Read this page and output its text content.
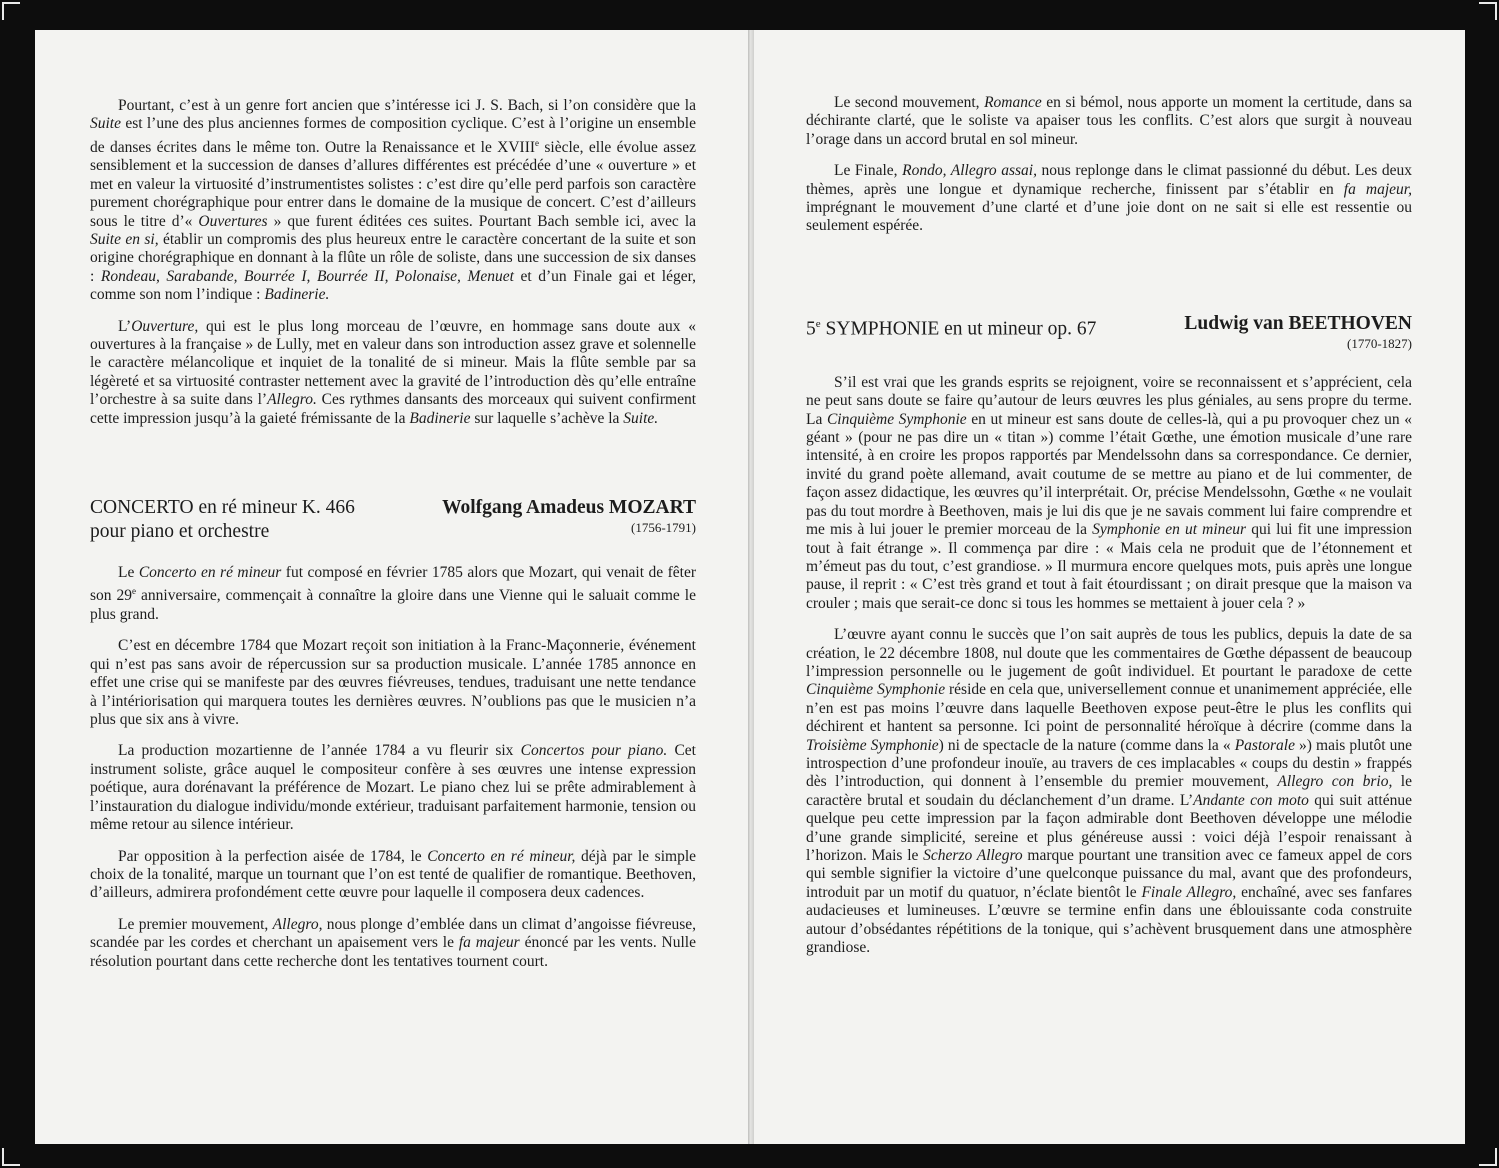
Pourtant, c’est à un genre fort ancien que s’intéresse ici J. S. Bach, si l’on considère que la Suite est l’une des plus anciennes formes de composition cyclique. C’est à l’origine un ensemble de danses écrites dans le même ton. Outre la Renaissance et le XVIIIe siècle, elle évolue assez sensiblement et la succession de danses d’allures différentes est précédée d’une « ouverture » et met en valeur la virtuosité d’instrumentistes solistes : c’est dire qu’elle perd parfois son caractère purement chorégraphique pour entrer dans le domaine de la musique de concert. C’est d’ailleurs sous le titre d’« Ouvertures » que furent éditées ces suites. Pourtant Bach semble ici, avec la Suite en si, établir un compromis des plus heureux entre le caractère concertant de la suite et son origine chorégraphique en donnant à la flûte un rôle de soliste, dans une succession de six danses : Rondeau, Sarabande, Bourrée I, Bourrée II, Polonaise, Menuet et d’un Finale gai et léger, comme son nom l’indique : Badinerie.

L’Ouverture, qui est le plus long morceau de l’œuvre, en hommage sans doute aux « ouvertures à la française » de Lully, met en valeur dans son introduction assez grave et solennelle le caractère mélancolique et inquiet de la tonalité de si mineur. Mais la flûte semble par sa légèreté et sa virtuosité contraster nettement avec la gravité de l’introduction dès qu’elle entraîne l’orchestre à sa suite dans l’Allegro. Ces rythmes dansants des morceaux qui suivent confirment cette impression jusqu’à la gaieté frémissante de la Badinerie sur laquelle s’achève la Suite.

CONCERTO en ré mineur K. 466
pour piano et orchestre
Wolfgang Amadeus MOZART
(1756-1791)

Le Concerto en ré mineur fut composé en février 1785 alors que Mozart, qui venait de fêter son 29e anniversaire, commençait à connaître la gloire dans une Vienne qui le saluait comme le plus grand.

C’est en décembre 1784 que Mozart reçoit son initiation à la Franc-Maçonnerie, événement qui n’est pas sans avoir de répercussion sur sa production musicale. L’année 1785 annonce en effet une crise qui se manifeste par des œuvres fiévreuses, tendues, traduisant une nette tendance à l’intériorisation qui marquera toutes les dernières œuvres. N’oublions pas que le musicien n’a plus que six ans à vivre.

La production mozartienne de l’année 1784 a vu fleurir six Concertos pour piano. Cet instrument soliste, grâce auquel le compositeur confère à ses œuvres une intense expression poétique, aura dorénavant la préférence de Mozart. Le piano chez lui se prête admirablement à l’instauration du dialogue individu/monde extérieur, traduisant parfaitement harmonie, tension ou même retour au silence intérieur.

Par opposition à la perfection aisée de 1784, le Concerto en ré mineur, déjà par le simple choix de la tonalité, marque un tournant que l’on est tenté de qualifier de romantique. Beethoven, d’ailleurs, admirera profondément cette œuvre pour laquelle il composera deux cadences.

Le premier mouvement, Allegro, nous plonge d’emblée dans un climat d’angoisse fiévreuse, scandée par les cordes et cherchant un apaisement vers le fa majeur énoncé par les vents. Nulle résolution pourtant dans cette recherche dont les tentatives tournent court.

Le second mouvement, Romance en si bémol, nous apporte un moment la certitude, dans sa déchirante clarté, que le soliste va apaiser tous les conflits. C’est alors que surgit à nouveau l’orage dans un accord brutal en sol mineur.

Le Finale, Rondo, Allegro assai, nous replonge dans le climat passionné du début. Les deux thèmes, après une longue et dynamique recherche, finissent par s’établir en fa majeur, imprégnant le mouvement d’une clarté et d’une joie dont on ne sait si elle est ressentie ou seulement espérée.

5e SYMPHONIE en ut mineur op. 67	Ludwig van BEETHOVEN
(1770-1827)

S’il est vrai que les grands esprits se rejoignent, voire se reconnaissent et s’apprécient, cela ne peut sans doute se faire qu’autour de leurs œuvres les plus géniales, au sens propre du terme. La Cinquième Symphonie en ut mineur est sans doute de celles-là, qui a pu provoquer chez un « géant » (pour ne pas dire un « titan ») comme l’était Gœthe, une émotion musicale d’une rare intensité, à en croire les propos rapportés par Mendelssohn dans sa correspondance. Ce dernier, invité du grand poète allemand, avait coutume de se mettre au piano et de lui commenter, de façon assez didactique, les œuvres qu’il interprétait. Or, précise Mendelssohn, Gœthe « ne voulait pas du tout mordre à Beethoven, mais je lui dis que je ne savais comment lui faire comprendre et me mis à lui jouer le premier morceau de la Symphonie en ut mineur qui lui fit une impression tout à fait étrange ». Il commença par dire : « Mais cela ne produit que de l’étonnement et m’émeut pas du tout, c’est grandiose. » Il murmura encore quelques mots, puis après une longue pause, il reprit : « C’est très grand et tout à fait étourdissant ; on dirait presque que la maison va crouler ; mais que serait-ce donc si tous les hommes se mettaient à jouer cela ? »

L’œuvre ayant connu le succès que l’on sait auprès de tous les publics, depuis la date de sa création, le 22 décembre 1808, nul doute que les commentaires de Gœthe dépassent de beaucoup l’impression personnelle ou le jugement de goût individuel. Et pourtant le paradoxe de cette Cinquième Symphonie réside en cela que, universellement connue et unanimement appréciée, elle n’en est pas moins l’œuvre dans laquelle Beethoven expose peut-être le plus les conflits qui déchirent et hantent sa personne. Ici point de personnalité héroïque à décrire (comme dans la Troisième Symphonie) ni de spectacle de la nature (comme dans la « Pastorale ») mais plutôt une introspection d’une profondeur inouïe, au travers de ces implacables « coups du destin » frappés dès l’introduction, qui donnent à l’ensemble du premier mouvement, Allegro con brio, le caractère brutal et soudain du déclanchement d’un drame. L’Andante con moto qui suit atténue quelque peu cette impression par la façon admirable dont Beethoven développe une mélodie d’une grande simplicité, sereine et plus généreuse aussi : voici déjà l’espoir renaissant à l’horizon. Mais le Scherzo Allegro marque pourtant une transition avec ce fameux appel de cors qui semble signifier la victoire d’une quelconque puissance du mal, avant que des profondeurs, introduit par un motif du quatuor, n’éclate bientôt le Finale Allegro, enchaîné, avec ses fanfares audacieuses et lumineuses. L’œuvre se termine enfin dans une éblouissante coda construite autour d’obsédantes répétitions de la tonique, qui s’achèvent brusquement dans une atmosphère grandiose.
